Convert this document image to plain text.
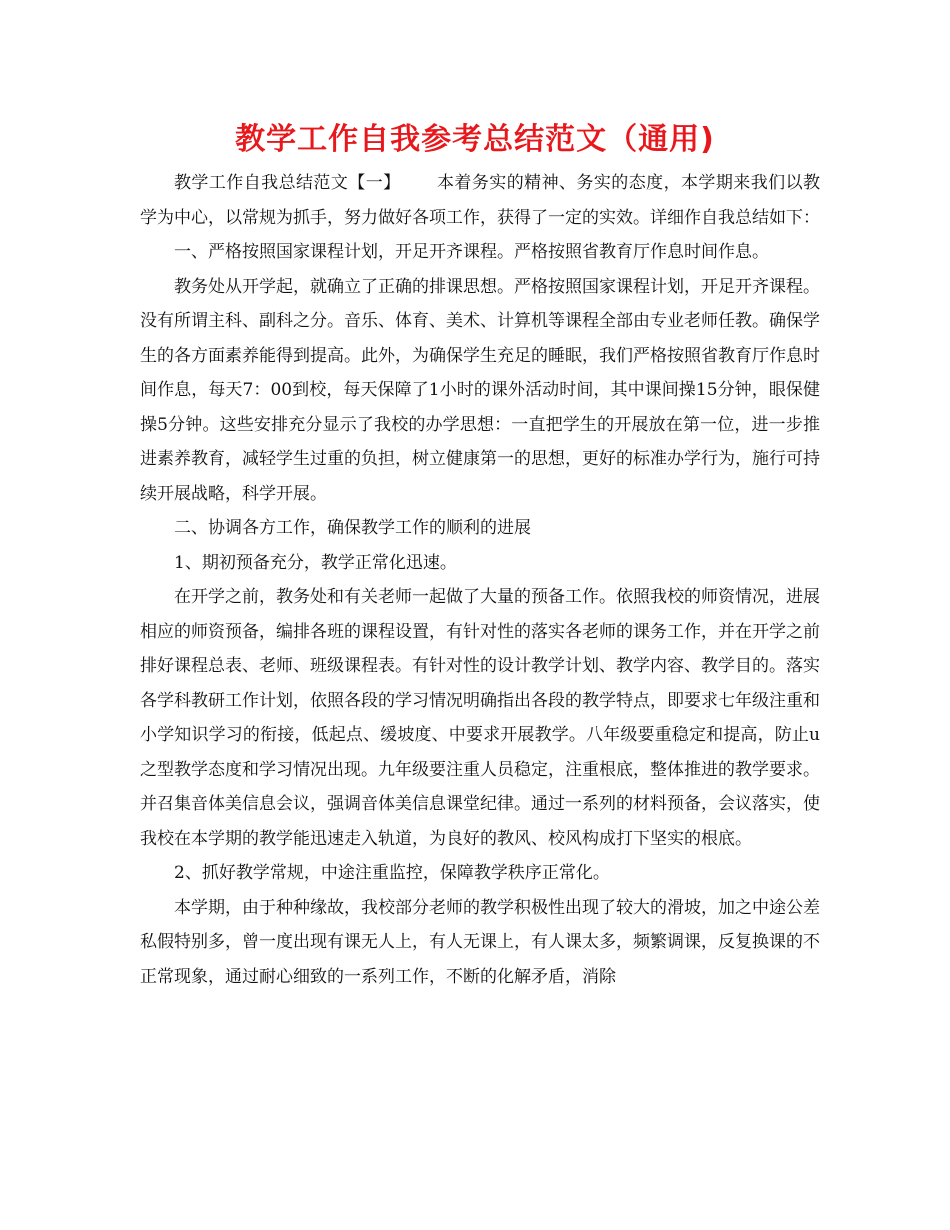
教学工作自我参考总结范文（通用)

教学工作自我总结范文【一】 本着务实的精神、务实的态度，本学期来我们以教学为中心，以常规为抓手，努力做好各项工作，获得了一定的实效。详细作自我总结如下：

一、严格按照国家课程计划，开足开齐课程。严格按照省教育厅作息时间作息。

教务处从开学起，就确立了正确的排课思想。严格按照国家课程计划，开足开齐课程。没有所谓主科、副科之分。音乐、体育、美术、计算机等课程全部由专业老师任教。确保学生的各方面素养能得到提高。此外，为确保学生充足的睡眠，我们严格按照省教育厅作息时间作息，每天7：00到校，每天保障了1小时的课外活动时间，其中课间操15分钟，眼保健操5分钟。这些安排充分显示了我校的办学思想：一直把学生的开展放在第一位，进一步推进素养教育，减轻学生过重的负担，树立健康第一的思想，更好的标准办学行为，施行可持续开展战略，科学开展。

二、协调各方工作，确保教学工作的顺利的进展

1、期初预备充分，教学正常化迅速。

在开学之前，教务处和有关老师一起做了大量的预备工作。依照我校的师资情况，进展相应的师资预备，编排各班的课程设置，有针对性的落实各老师的课务工作，并在开学之前排好课程总表、老师、班级课程表。有针对性的设计教学计划、教学内容、教学目的。落实各学科教研工作计划，依照各段的学习情况明确指出各段的教学特点，即要求七年级注重和小学知识学习的衔接，低起点、缓坡度、中要求开展教学。八年级要重稳定和提高，防止u之型教学态度和学习情况出现。九年级要注重人员稳定，注重根底，整体推进的教学要求。并召集音体美信息会议，强调音体美信息课堂纪律。通过一系列的材料预备，会议落实，使我校在本学期的教学能迅速走入轨道，为良好的教风、校风构成打下坚实的根底。

2、抓好教学常规，中途注重监控，保障教学秩序正常化。

本学期，由于种种缘故，我校部分老师的教学积极性出现了较大的滑坡，加之中途公差私假特别多，曾一度出现有课无人上，有人无课上，有人课太多，频繁调课，反复换课的不正常现象，通过耐心细致的一系列工作，不断的化解矛盾，消除
